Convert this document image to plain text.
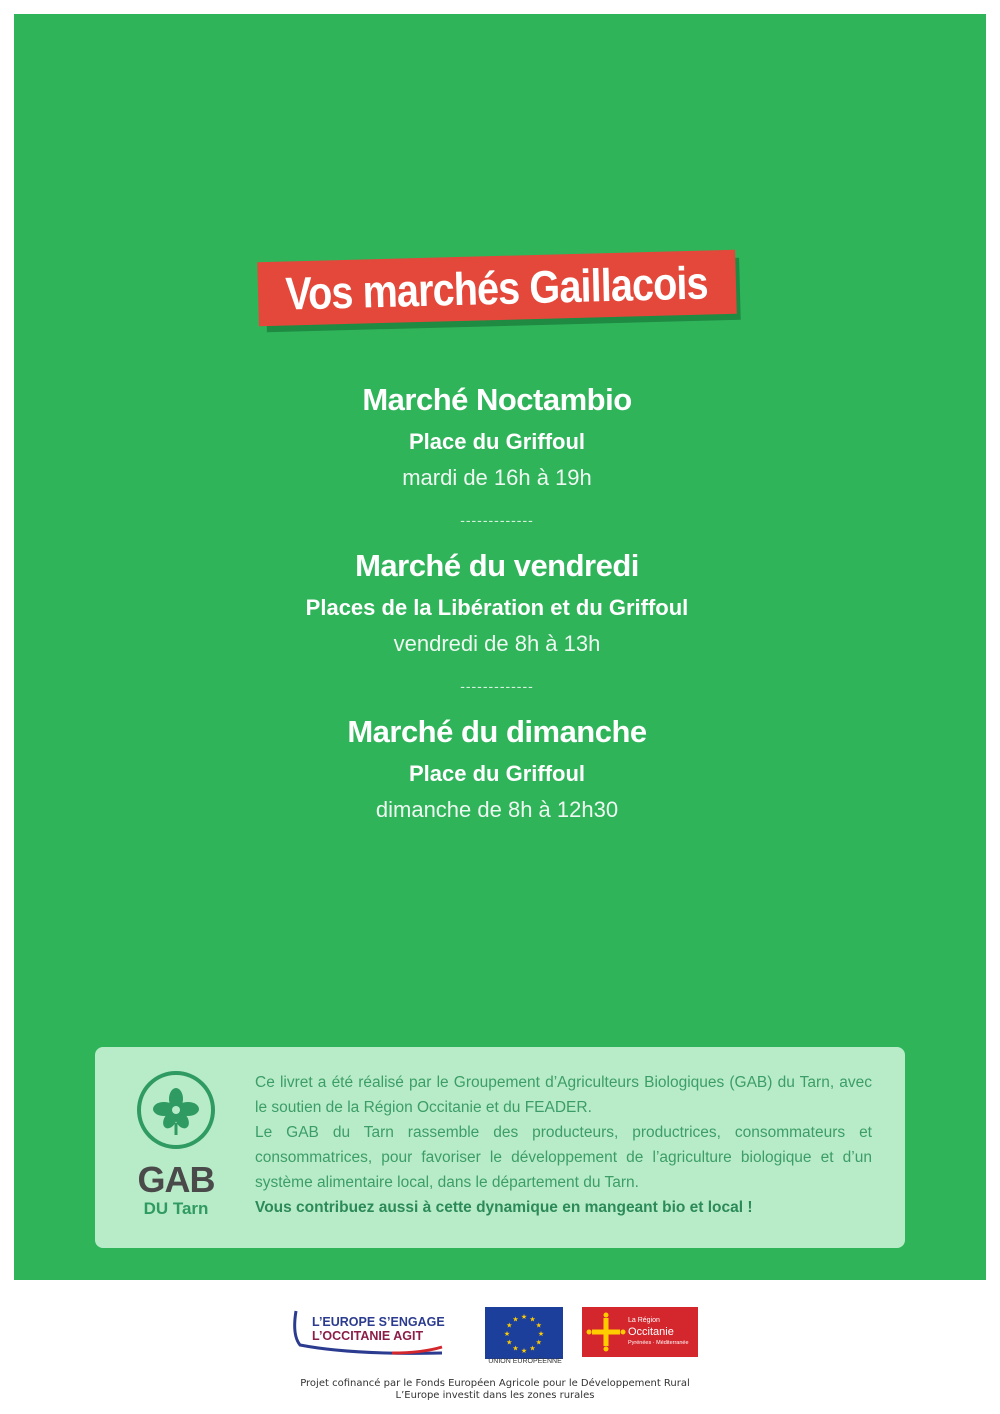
Vos marchés Gaillacois
Marché Noctambio
Place du Griffoul
mardi de 16h à 19h
-------------
Marché du vendredi
Places de la Libération et du Griffoul
vendredi de 8h à 13h
-------------
Marché du dimanche
Place du Griffoul
dimanche de 8h à 12h30
GAB
DU Tarn

Ce livret a été réalisé par le Groupement d’Agriculteurs Biologiques (GAB) du Tarn, avec le soutien de la Région Occitanie et du FEADER.

Le GAB du Tarn rassemble des producteurs, productrices, consommateurs et consommatrices, pour favoriser le développement de l’agriculture biologique et d’un système alimentaire local, dans le département du Tarn.

Vous contribuez aussi à cette dynamique en mangeant bio et local !

L’EUROPE S’ENGAGE
L’OCCITANIE AGIT	★
★
★
★
★
★
★
★
★ ★ ★
★
UNION EUROPÉENNE
La Région
Occitanie
Pyrénées · Méditerranée
Projet cofinancé par le Fonds Européen Agricole pour le Développement Rural
L’Europe investit dans les zones rurales
